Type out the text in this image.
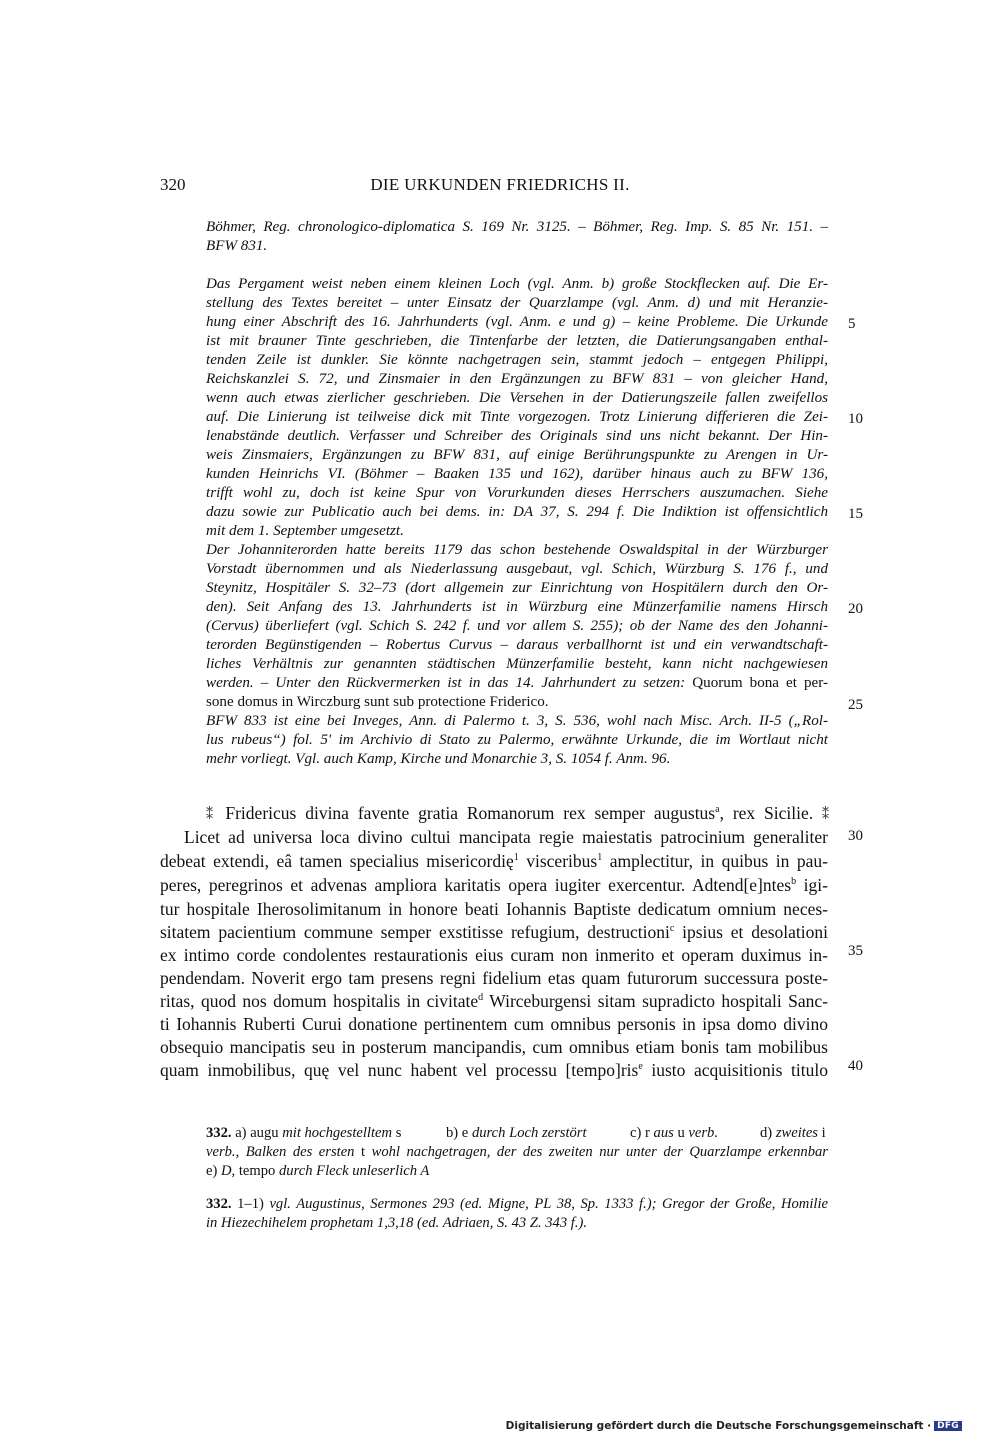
320	DIE URKUNDEN FRIEDRICHS II.
Böhmer, Reg. chronologico-diplomatica S. 169 Nr. 3125. – Böhmer, Reg. Imp. S. 85 Nr. 151. –
BFW 831.
Das Pergament weist neben einem kleinen Loch (vgl. Anm. b) große Stockflecken auf. Die Er-
stellung des Textes bereitet – unter Einsatz der Quarzlampe (vgl. Anm. d) und mit Heranzie-
hung einer Abschrift des 16. Jahrhunderts (vgl. Anm. e und g) – keine Probleme. Die Urkunde
ist mit brauner Tinte geschrieben, die Tintenfarbe der letzten, die Datierungsangaben enthal-
tenden Zeile ist dunkler. Sie könnte nachgetragen sein, stammt jedoch – entgegen Philippi,
Reichskanzlei S. 72, und Zinsmaier in den Ergänzungen zu BFW 831 – von gleicher Hand,
wenn auch etwas zierlicher geschrieben. Die Versehen in der Datierungszeile fallen zweifellos
auf. Die Linierung ist teilweise dick mit Tinte vorgezogen. Trotz Linierung differieren die Zei-
lenabstände deutlich. Verfasser und Schreiber des Originals sind uns nicht bekannt. Der Hin-
weis Zinsmaiers, Ergänzungen zu BFW 831, auf einige Berührungspunkte zu Arengen in Ur-
kunden Heinrichs VI. (Böhmer – Baaken 135 und 162), darüber hinaus auch zu BFW 136,
trifft wohl zu, doch ist keine Spur von Vorurkunden dieses Herrschers auszumachen. Siehe
dazu sowie zur Publicatio auch bei dems. in: DA 37, S. 294 f. Die Indiktion ist offensichtlich
mit dem 1. September umgesetzt.
Der Johanniterorden hatte bereits 1179 das schon bestehende Oswaldspital in der Würzburger
Vorstadt übernommen und als Niederlassung ausgebaut, vgl. Schich, Würzburg S. 176 f., und
Steynitz, Hospitäler S. 32–73 (dort allgemein zur Einrichtung von Hospitälern durch den Or-
den). Seit Anfang des 13. Jahrhunderts ist in Würzburg eine Münzerfamilie namens Hirsch
(Cervus) überliefert (vgl. Schich S. 242 f. und vor allem S. 255); ob der Name des den Johanni-
terorden Begünstigenden – Robertus Curvus – daraus verballhornt ist und ein verwandtschaft-
liches Verhältnis zur genannten städtischen Münzerfamilie besteht, kann nicht nachgewiesen
werden. – Unter den Rückvermerken ist in das 14. Jahrhundert zu setzen: Quorum bona et per-
sone domus in Wirczburg sunt sub protectione Friderico.
BFW 833 ist eine bei Inveges, Ann. di Palermo t. 3, S. 536, wohl nach Misc. Arch. II-5 („Rol-
lus rubeus“) fol. 5' im Archivio di Stato zu Palermo, erwähnte Urkunde, die im Wortlaut nicht
mehr vorliegt. Vgl. auch Kamp, Kirche und Monarchie 3, S. 1054 f. Anm. 96.
⁑ Fridericus divina favente gratia Romanorum rex semper augustus$^a$, rex Sicilie. ⁑
Licet ad universa loca divino cultui mancipata regie maiestatis patrocinium generaliter
debeat extendi, eâ tamen specialius misericordię$^1$ visceribus$^1$ amplectitur, in quibus in pau-
peres, peregrinos et advenas ampliora karitatis opera iugiter exercentur. Adtend[e]ntes$^b$ igi-
tur hospitale Iherosolimitanum in honore beati Iohannis Baptiste dedicatum omnium neces-
sitatem pacientium commune semper exstitisse refugium, destructioni$^c$ ipsius et desolationi
ex intimo corde condolentes restaurationis eius curam non inmerito et operam duximus in-
pendendam. Noverit ergo tam presens regni fidelium etas quam futurorum successura poste-
ritas, quod nos domum hospitalis in civitate$^d$ Wirceburgensi sitam supradicto hospitali Sanc-
ti Iohannis Ruberti Curui donatione pertinentem cum omnibus personis in ipsa domo divino
obsequio mancipatis seu in posterum mancipandis, cum omnibus etiam bonis tam mobilibus
quam inmobilibus, quę vel nunc habent vel processu [tempo]ris$^e$ iusto acquisitionis titulo
5
10
15
20
25
30
35
40
332. a) augu mit hochgestelltem s	b) e durch Loch zerstört	c) r aus u verb.	d) zweites i
verb., Balken des ersten t wohl nachgetragen, der des zweiten nur unter der Quarzlampe erkennbar
e) D, tempo durch Fleck unleserlich A
332. 1–1) vgl. Augustinus, Sermones 293 (ed. Migne, PL 38, Sp. 1333 f.); Gregor der Große, Homilie
in Hiezechihelem prophetam 1,3,18 (ed. Adriaen, S. 43 Z. 343 f.).
Digitalisierung gefördert durch die Deutsche Forschungsgemeinschaft · DFG
